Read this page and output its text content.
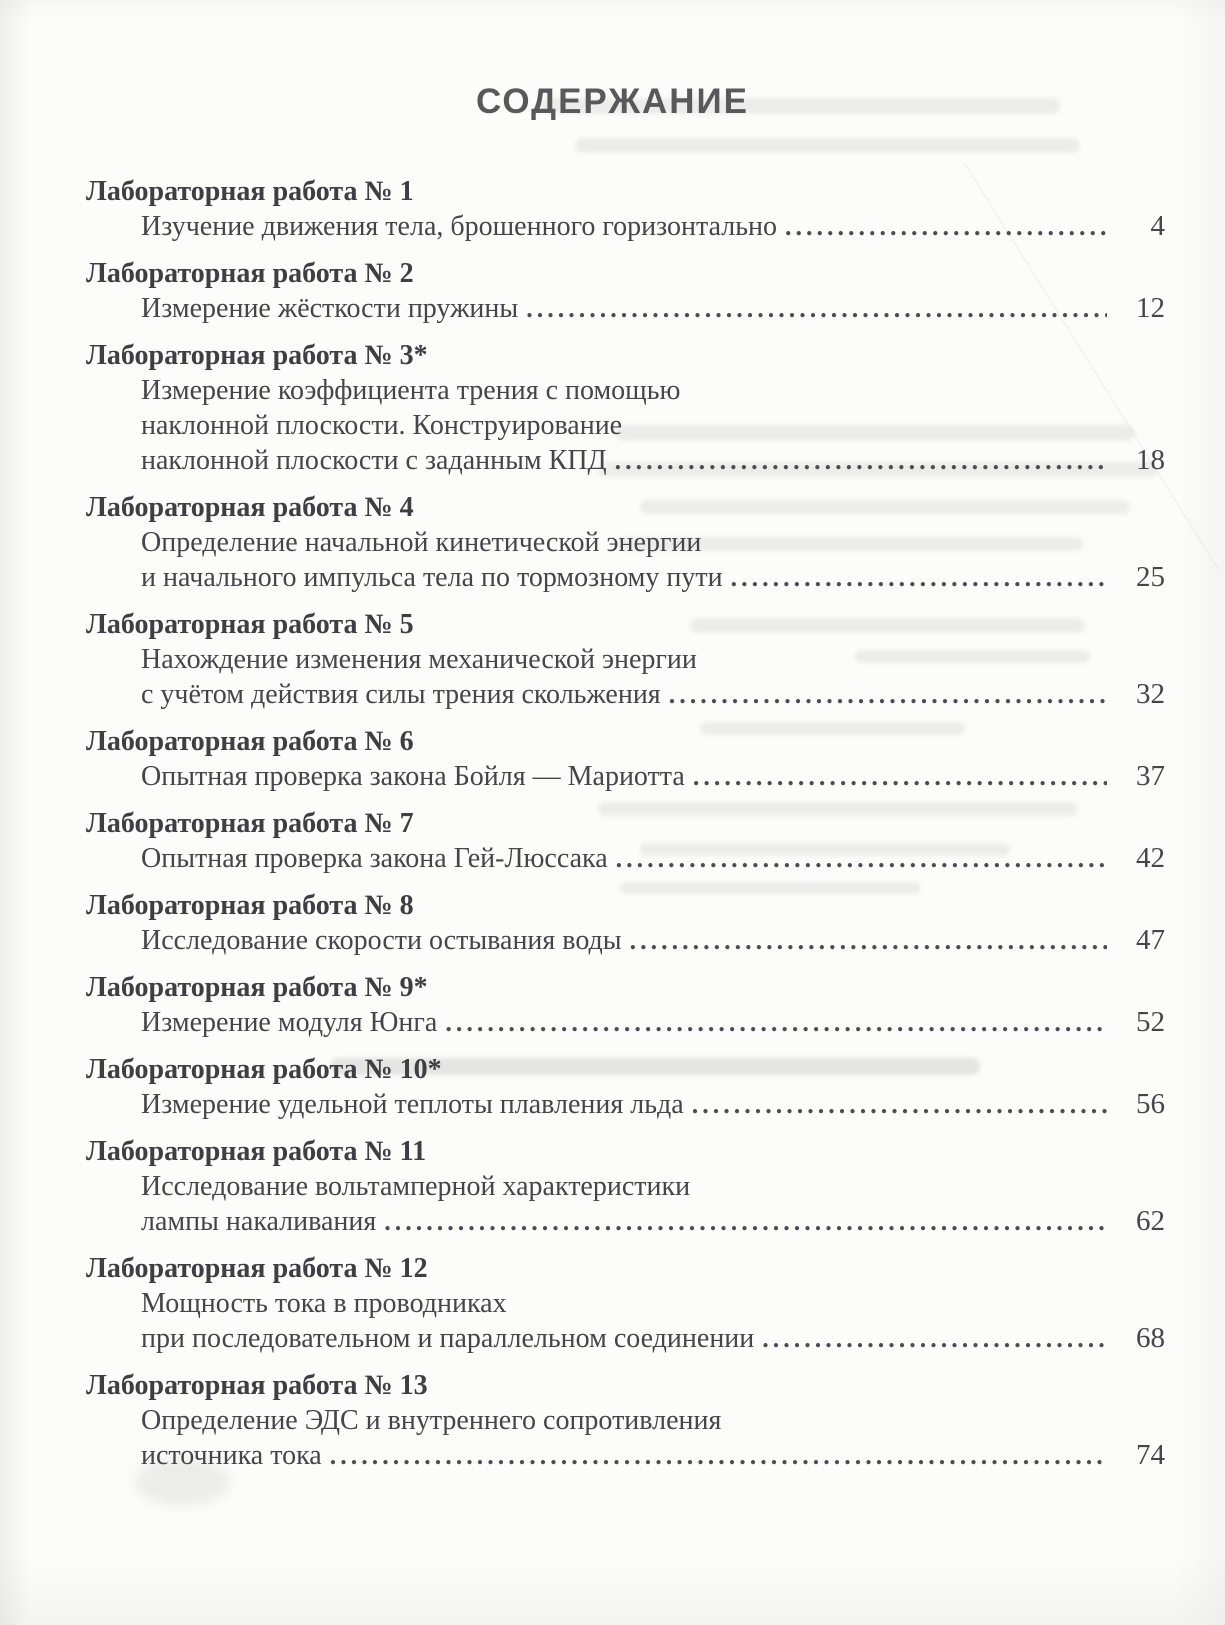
СОДЕРЖАНИЕ
Лабораторная работа № 1
Изучение движения тела, брошенного горизонтально .....	4
Лабораторная работа № 2
Измерение жёсткости пружины .....	12
Лабораторная работа № 3*
Измерение коэффициента трения с помощью
наклонной плоскости. Конструирование
наклонной плоскости с заданным КПД .....	18
Лабораторная работа № 4
Определение начальной кинетической энергии
и начального импульса тела по тормозному пути .....	25
Лабораторная работа № 5
Нахождение изменения механической энергии
с учётом действия силы трения скольжения .....	32
Лабораторная работа № 6
Опытная проверка закона Бойля — Мариотта .....	37
Лабораторная работа № 7
Опытная проверка закона Гей-Люссака .....	42
Лабораторная работа № 8
Исследование скорости остывания воды .....	47
Лабораторная работа № 9*
Измерение модуля Юнга .....	52
Лабораторная работа № 10*
Измерение удельной теплоты плавления льда .....	56
Лабораторная работа № 11
Исследование вольтамперной характеристики
лампы накаливания .....	62
Лабораторная работа № 12
Мощность тока в проводниках
при последовательном и параллельном соединении .....	68
Лабораторная работа № 13
Определение ЭДС и внутреннего сопротивления
источника тока .....	74
